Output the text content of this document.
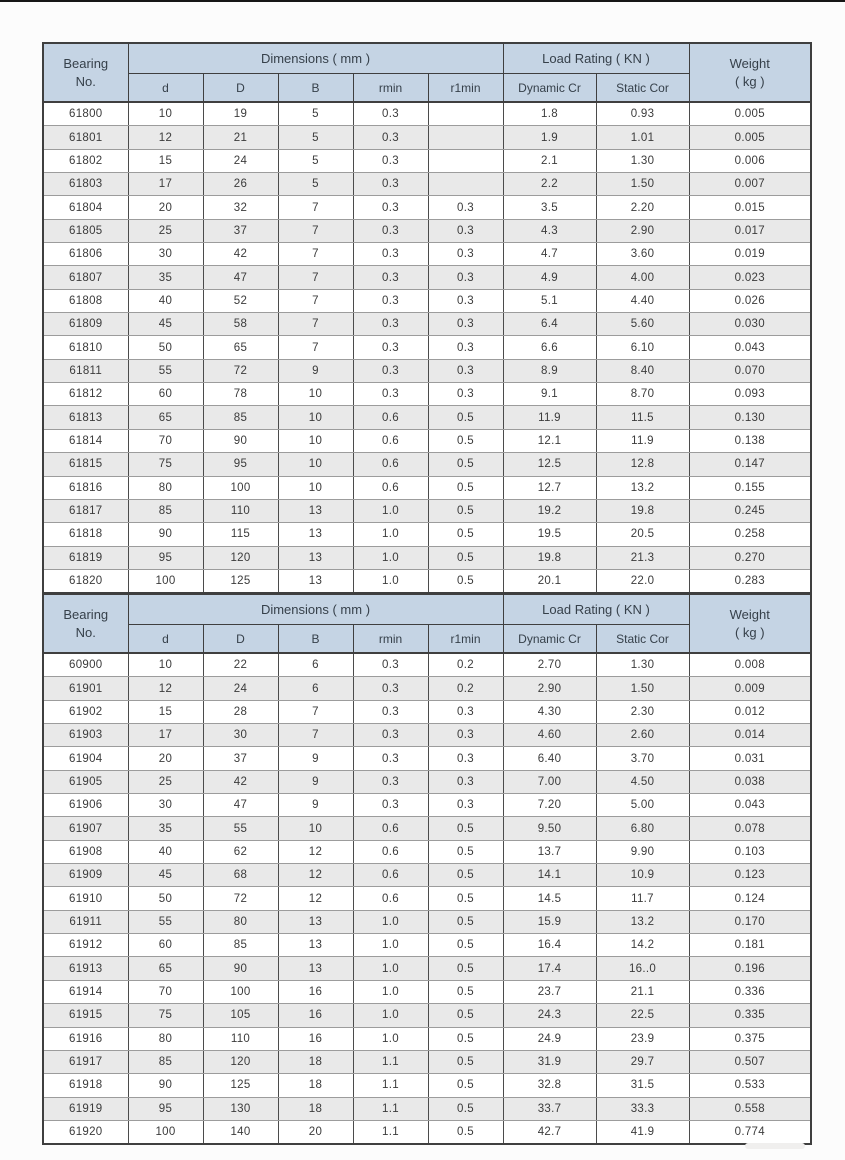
Bearing
No.	Dimensions ( mm )					Load Rating ( KN )		Weight
( kg )
	d	D	B	rmin	r1min	Dynamic Cr	Static Cor	
61800	10	19	5	0.3		1.8	0.93	0.005
61801	12	21	5	0.3		1.9	1.01	0.005
61802	15	24	5	0.3		2.1	1.30	0.006
61803	17	26	5	0.3		2.2	1.50	0.007
61804	20	32	7	0.3	0.3	3.5	2.20	0.015
61805	25	37	7	0.3	0.3	4.3	2.90	0.017
61806	30	42	7	0.3	0.3	4.7	3.60	0.019
61807	35	47	7	0.3	0.3	4.9	4.00	0.023
61808	40	52	7	0.3	0.3	5.1	4.40	0.026
61809	45	58	7	0.3	0.3	6.4	5.60	0.030
61810	50	65	7	0.3	0.3	6.6	6.10	0.043
61811	55	72	9	0.3	0.3	8.9	8.40	0.070
61812	60	78	10	0.3	0.3	9.1	8.70	0.093
61813	65	85	10	0.6	0.5	11.9	11.5	0.130
61814	70	90	10	0.6	0.5	12.1	11.9	0.138
61815	75	95	10	0.6	0.5	12.5	12.8	0.147
61816	80	100	10	0.6	0.5	12.7	13.2	0.155
61817	85	110	13	1.0	0.5	19.2	19.8	0.245
61818	90	115	13	1.0	0.5	19.5	20.5	0.258
61819	95	120	13	1.0	0.5	19.8	21.3	0.270
61820	100	125	13	1.0	0.5	20.1	22.0	0.283
Bearing
No.	Dimensions ( mm )					Load Rating ( KN )		Weight
( kg )
	d	D	B	rmin	r1min	Dynamic Cr	Static Cor	
60900	10	22	6	0.3	0.2	2.70	1.30	0.008
61901	12	24	6	0.3	0.2	2.90	1.50	0.009
61902	15	28	7	0.3	0.3	4.30	2.30	0.012
61903	17	30	7	0.3	0.3	4.60	2.60	0.014
61904	20	37	9	0.3	0.3	6.40	3.70	0.031
61905	25	42	9	0.3	0.3	7.00	4.50	0.038
61906	30	47	9	0.3	0.3	7.20	5.00	0.043
61907	35	55	10	0.6	0.5	9.50	6.80	0.078
61908	40	62	12	0.6	0.5	13.7	9.90	0.103
61909	45	68	12	0.6	0.5	14.1	10.9	0.123
61910	50	72	12	0.6	0.5	14.5	11.7	0.124
61911	55	80	13	1.0	0.5	15.9	13.2	0.170
61912	60	85	13	1.0	0.5	16.4	14.2	0.181
61913	65	90	13	1.0	0.5	17.4	16..0	0.196
61914	70	100	16	1.0	0.5	23.7	21.1	0.336
61915	75	105	16	1.0	0.5	24.3	22.5	0.335
61916	80	110	16	1.0	0.5	24.9	23.9	0.375
61917	85	120	18	1.1	0.5	31.9	29.7	0.507
61918	90	125	18	1.1	0.5	32.8	31.5	0.533
61919	95	130	18	1.1	0.5	33.7	33.3	0.558
61920	100	140	20	1.1	0.5	42.7	41.9	0.774
